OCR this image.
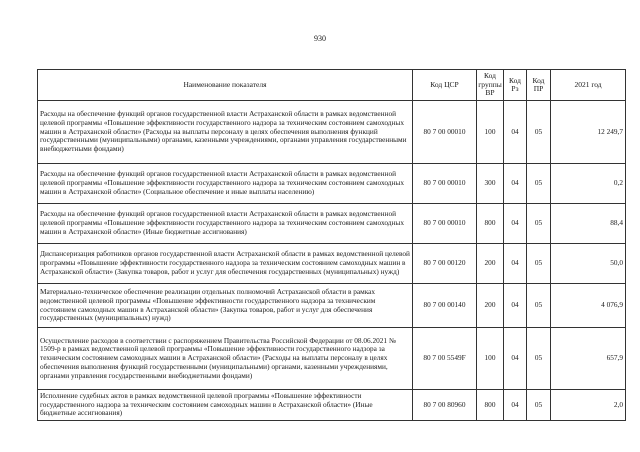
930
Наименование показателя	Код ЦСР	Код группы ВР	Код Рз	Код ПР	2021 год
Расходы на обеспечение функций органов государственной власти Астраханской области в рамках ведомственной целевой программы «Повышение эффективности государственного надзора за техническим состоянием самоходных машин в Астраханской области» (Расходы на выплаты персоналу в целях обеспечения выполнения функций государственными (муниципальными) органами, казенными учреждениями, органами управления государственными внебюджетными фондами)	80 7 00 00010	100	04	05	12 249,7
Расходы на обеспечение функций органов государственной власти Астраханской области в рамках ведомственной целевой программы «Повышение эффективности государственного надзора за техническим состоянием самоходных машин в Астраханской области» (Социальное обеспечение и иные выплаты населению)	80 7 00 00010	300	04	05	0,2
Расходы на обеспечение функций органов государственной власти Астраханской области в рамках ведомственной целевой программы «Повышение эффективности государственного надзора за техническим состоянием самоходных машин в Астраханской области» (Иные бюджетные ассигнования)	80 7 00 00010	800	04	05	88,4
Диспансеризация работников органов государственной власти Астраханской области в рамках ведомственной целевой программы «Повышение эффективности государственного надзора за техническим состоянием самоходных машин в Астраханской области» (Закупка товаров, работ и услуг для обеспечения государственных (муниципальных) нужд)	80 7 00 00120	200	04	05	50,0
Материально-техническое обеспечение реализации отдельных полномочий Астраханской области в рамках ведомственной целевой программы «Повышение эффективности государственного надзора за техническим состоянием самоходных машин в Астраханской области» (Закупка товаров, работ и услуг для обеспечения государственных (муниципальных) нужд)	80 7 00 00140	200	04	05	4 076,9
Осуществление расходов в соответствии с распоряжением Правительства Российской Федерации от 08.06.2021 № 1509-р в рамках ведомственной целевой программы «Повышение эффективности государственного надзора за техническим состоянием самоходных машин в Астраханской области» (Расходы на выплаты персоналу в целях обеспечения выполнения функций государственными (муниципальными) органами, казенными учреждениями, органами управления государственными внебюджетными фондами)	80 7 00 5549F	100	04	05	657,9
Исполнение судебных актов в рамках ведомственной целевой программы «Повышение эффективности государственного надзора за техническим состоянием самоходных машин в Астраханской области» (Иные бюджетные ассигнования)	80 7 00 80960	800	04	05	2,0
